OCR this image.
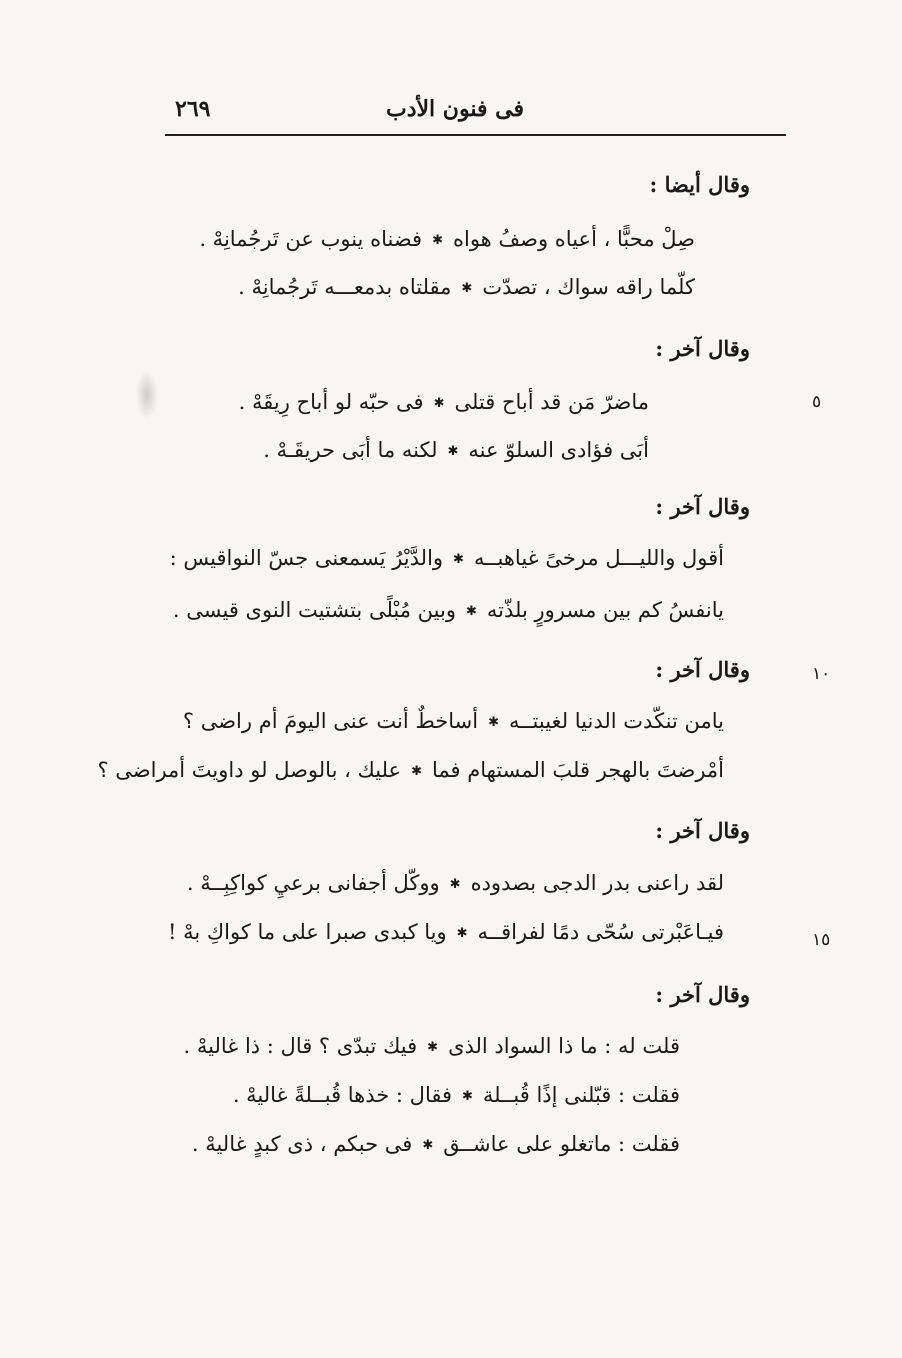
٢٦٩	فى فنون الأدب
وقال أيضا :
صِلْ محبًّا ، أعياه وصفُ هواه✱فضناه ينوب عن تَرجُمانِهْ .
كلّما راقه سواك ، تصدّت✱مقلتاه بدمعـــه تَرجُمانِهْ .
وقال آخر :
ماضرّ مَن قد أباح قتلى✱فى حبّه لو أباح رِيقَهْ .	٥
أبَى فؤادى السلوّ عنه✱لكنه ما أبَى حريقَـهْ .
وقال آخر :
أقول والليـــل مرخىً غياهبــه✱والدَّيْرُ يَسمعنى جسّ النواقيس :
يانفسُ كم بين مسرورٍ بلذّته✱وبين مُبْلًى بتشتيت النوى قيسى .
وقال آخر :	١٠
يامن تنكّدت الدنيا لغيبتــه✱أساخطٌ أنت عنى اليومَ أم راضى ؟
أمْرضتَ بالهجر قلبَ المستهام فما✱عليك ، بالوصل لو داويتَ أمراضى ؟
وقال آخر :
لقد راعنى بدر الدجى بصدوده✱ووكّل أجفانى برعيِ كواكِبِــهْ .
فيـاعَبْرتى سُحّى دمًا لفراقــه✱ويا كبدى صبرا على ما كواكِ بهْ !	١٥
وقال آخر :
قلت له : ما ذا السواد الذى✱فيك تبدّى ؟ قال : ذا غاليهْ .
فقلت : قبّلنى إذًا قُبــلة✱فقال : خذها قُبــلةً غاليهْ .
فقلت : ماتغلو على عاشــق✱فى حبكم ، ذى كبدٍ غاليهْ .
